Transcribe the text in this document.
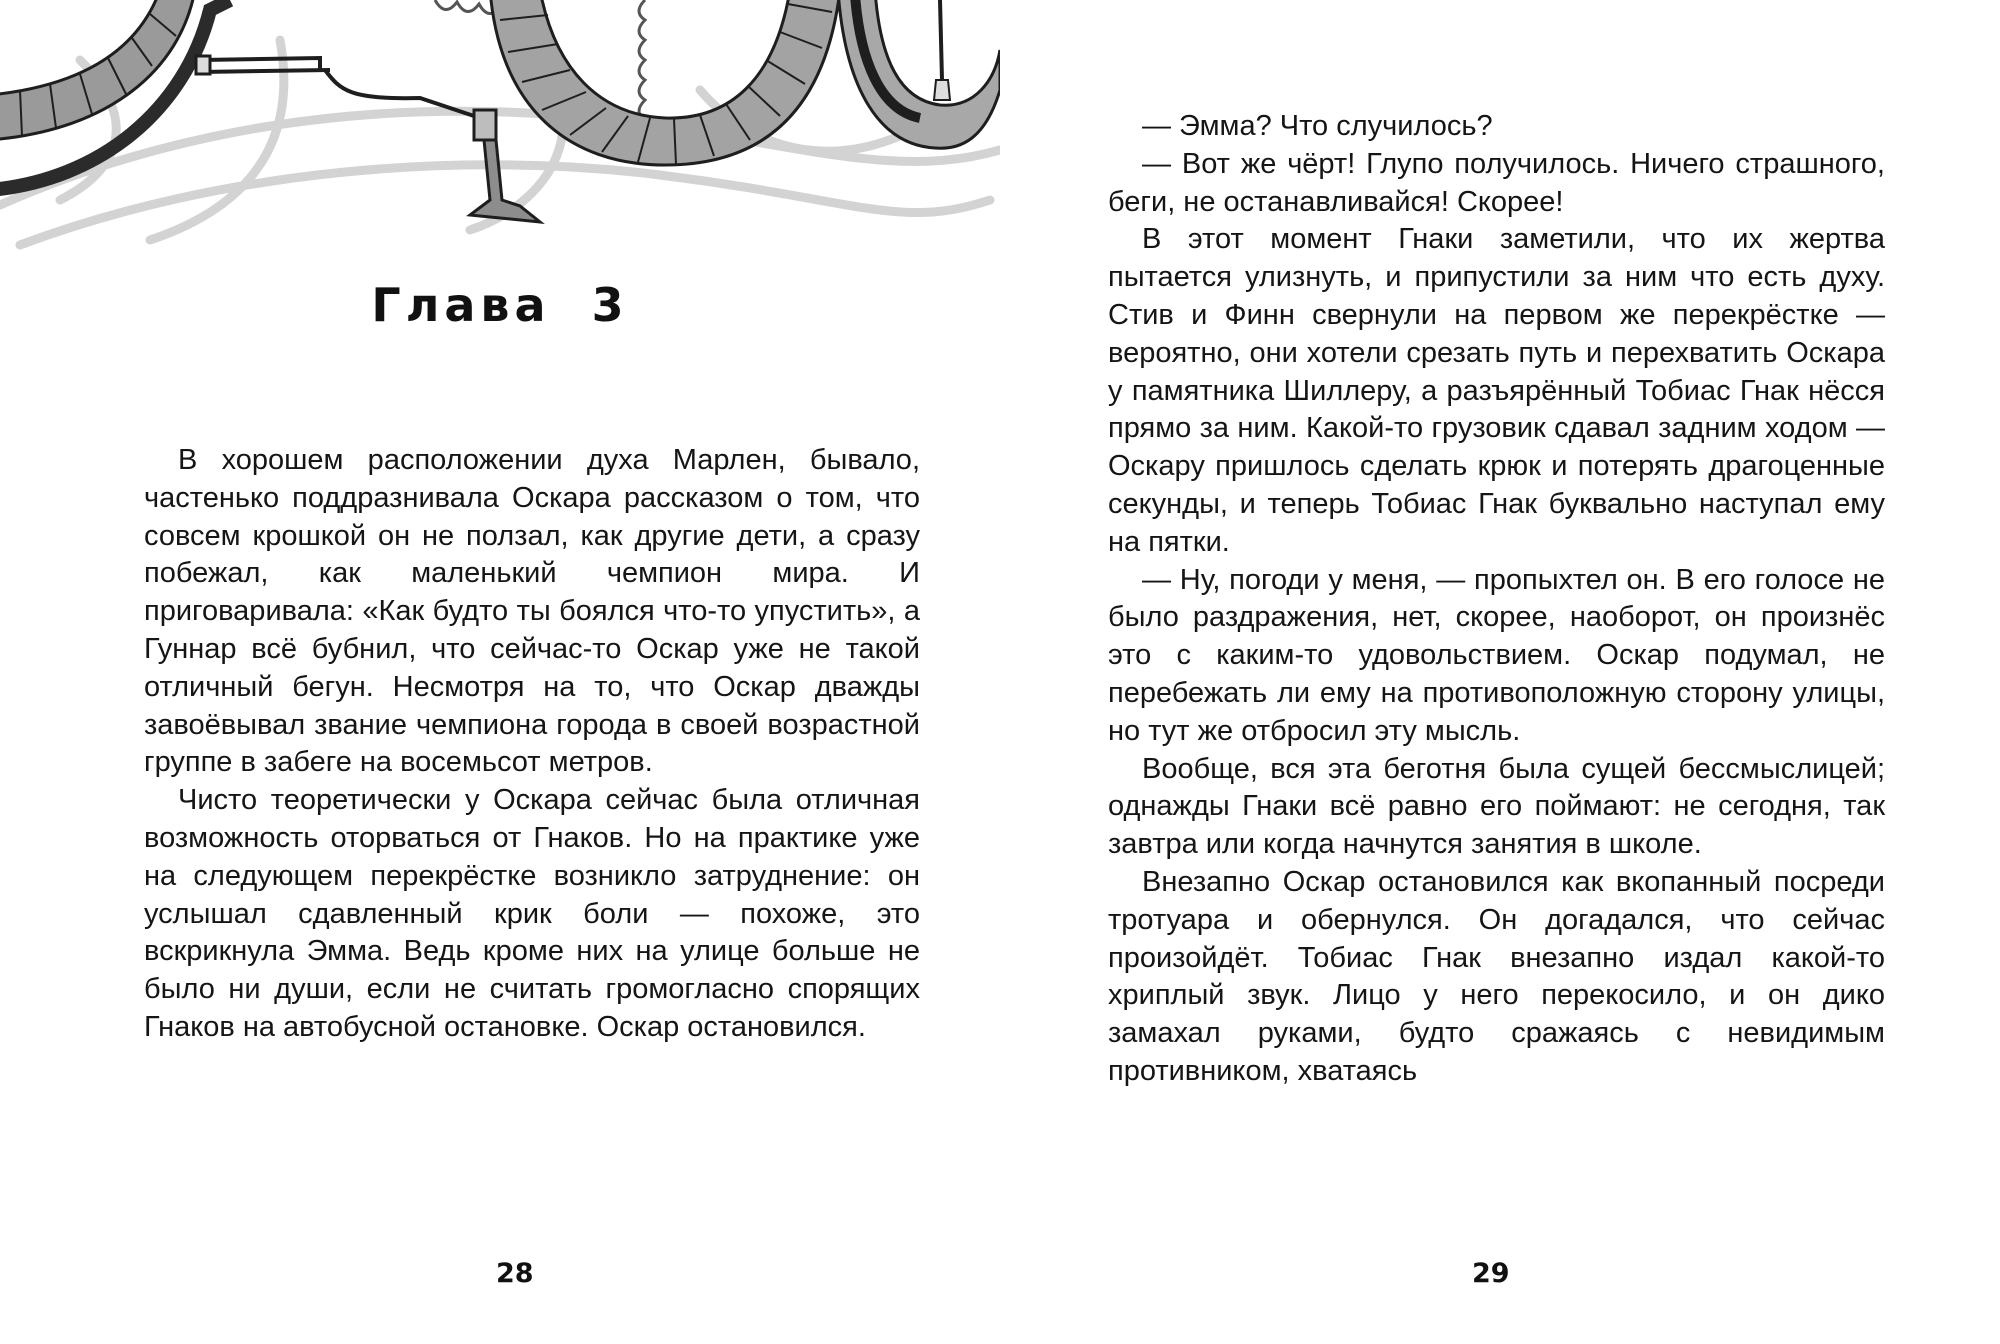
Глава 3

В хорошем расположении духа Марлен, бывало, частенько поддразнивала Оскара рассказом о том, что совсем крошкой он не ползал, как другие дети, а сразу побежал, как маленький чемпион мира. И приговаривала: «Как будто ты боялся что-то упустить», а Гуннар всё бубнил, что сейчас-то Оскар уже не такой отличный бегун. Несмотря на то, что Оскар дважды завоёвывал звание чемпиона города в своей возрастной группе в забеге на восемьсот метров.

Чисто теоретически у Оскара сейчас была отличная возможность оторваться от Гнаков. Но на практике уже на следующем перекрёстке возникло затруднение: он услышал сдавленный крик боли — похоже, это вскрикнула Эмма. Ведь кроме них на улице больше не было ни души, если не считать громогласно спорящих Гнаков на автобусной остановке. Оскар остановился.

28

— Эмма? Что случилось?

— Вот же чёрт! Глупо получилось. Ничего страшного, беги, не останавливайся! Скорее!

В этот момент Гнаки заметили, что их жертва пытается улизнуть, и припустили за ним что есть духу. Стив и Финн свернули на первом же перекрёстке — вероятно, они хотели срезать путь и перехватить Оскара у памятника Шиллеру, а разъярённый Тобиас Гнак нёсся прямо за ним. Какой-то грузовик сдавал задним ходом — Оскару пришлось сделать крюк и потерять драгоценные секунды, и теперь Тобиас Гнак буквально наступал ему на пятки.

— Ну, погоди у меня, — пропыхтел он. В его голосе не было раздражения, нет, скорее, наоборот, он произнёс это с каким-то удовольствием. Оскар подумал, не перебежать ли ему на противоположную сторону улицы, но тут же отбросил эту мысль.

Вообще, вся эта беготня была сущей бессмыслицей; однажды Гнаки всё равно его поймают: не сегодня, так завтра или когда начнутся занятия в школе.

Внезапно Оскар остановился как вкопанный посреди тротуара и обернулся. Он догадался, что сейчас произойдёт. Тобиас Гнак внезапно издал какой-то хриплый звук. Лицо у него перекосило, и он дико замахал руками, будто сражаясь с невидимым противником, хватаясь

29
